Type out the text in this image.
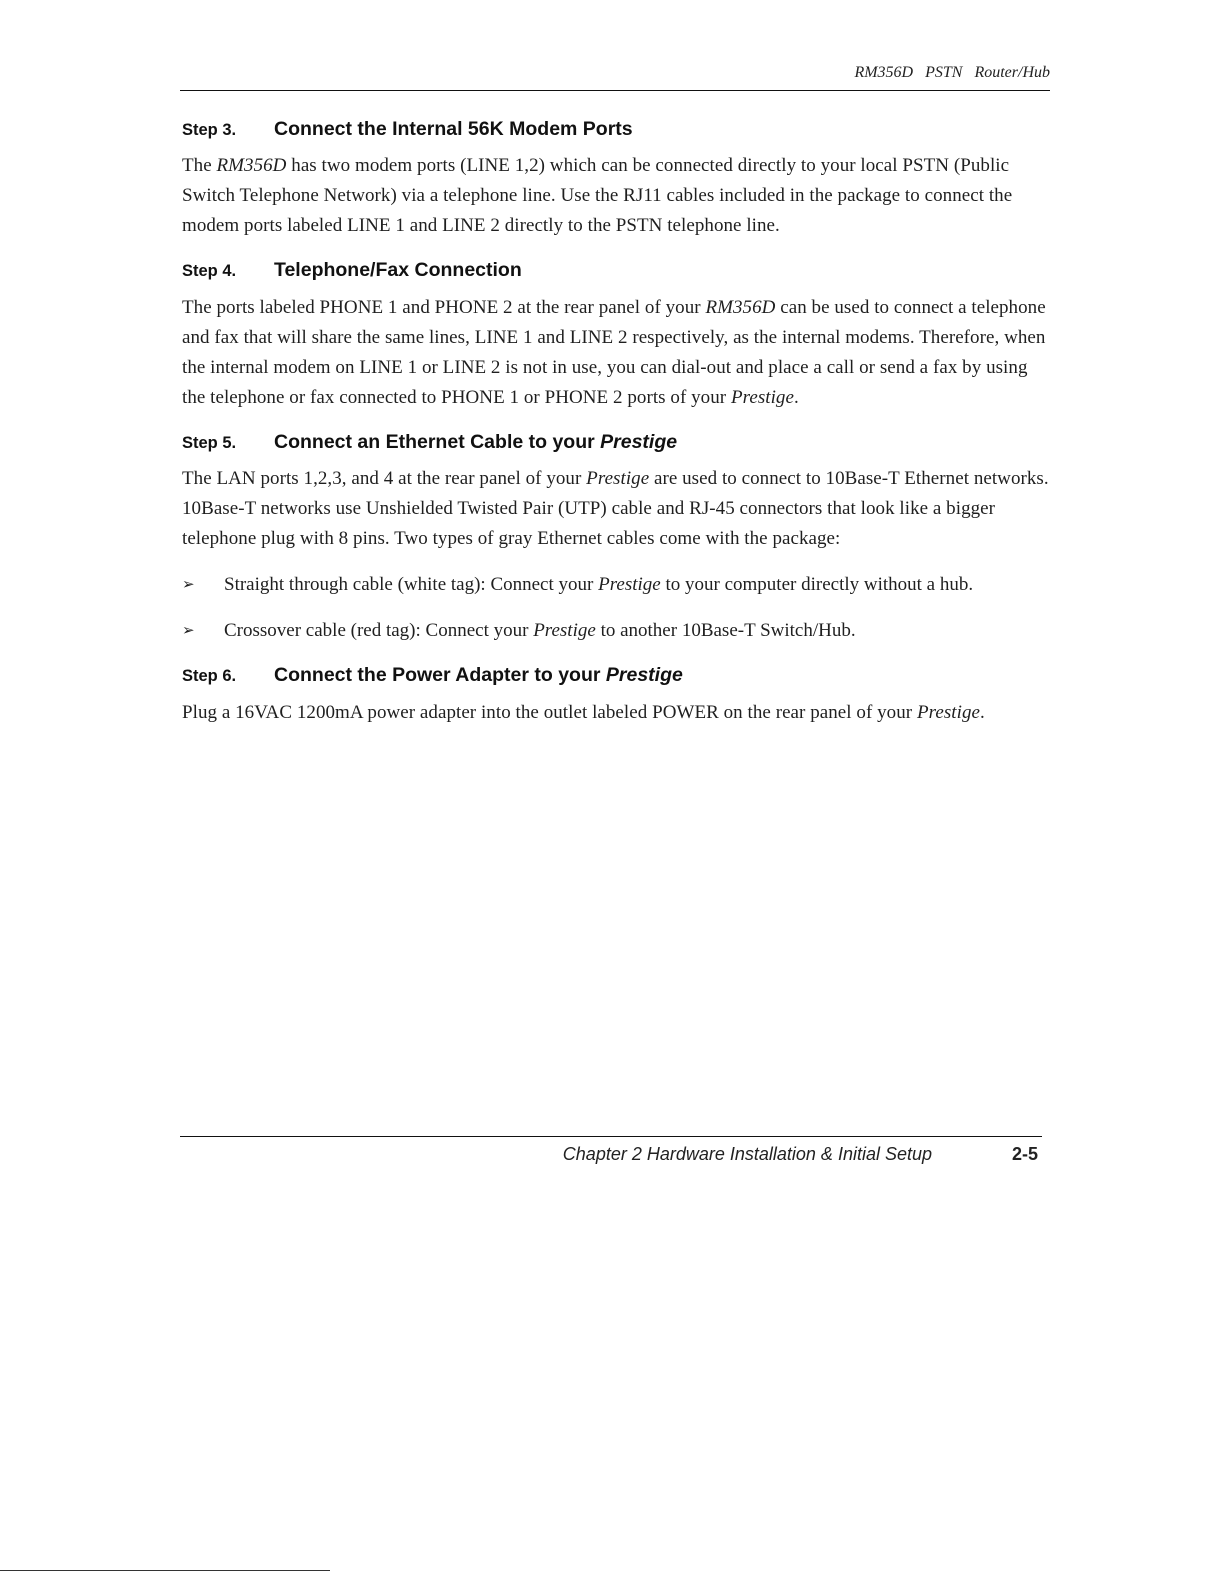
RM356D PSTN Router/Hub
Step 3. Connect the Internal 56K Modem Ports

The RM356D has two modem ports (LINE 1,2) which can be connected directly to your local PSTN (Public Switch Telephone Network) via a telephone line. Use the RJ11 cables included in the package to connect the modem ports labeled LINE 1 and LINE 2 directly to the PSTN telephone line.

Step 4. Telephone/Fax Connection

The ports labeled PHONE 1 and PHONE 2 at the rear panel of your RM356D can be used to connect a telephone and fax that will share the same lines, LINE 1 and LINE 2 respectively, as the internal modems. Therefore, when the internal modem on LINE 1 or LINE 2 is not in use, you can dial-out and place a call or send a fax by using the telephone or fax connected to PHONE 1 or PHONE 2 ports of your Prestige.

Step 5. Connect an Ethernet Cable to your Prestige

The LAN ports 1,2,3, and 4 at the rear panel of your Prestige are used to connect to 10Base-T Ethernet networks. 10Base-T networks use Unshielded Twisted Pair (UTP) cable and RJ-45 connectors that look like a bigger telephone plug with 8 pins. Two types of gray Ethernet cables come with the package:

➢ Straight through cable (white tag): Connect your Prestige to your computer directly without a hub.
➢ Crossover cable (red tag): Connect your Prestige to another 10Base-T Switch/Hub.
Step 6. Connect the Power Adapter to your Prestige

Plug a 16VAC 1200mA power adapter into the outlet labeled POWER on the rear panel of your Prestige.

Chapter 2 Hardware Installation & Initial Setup	2-5
